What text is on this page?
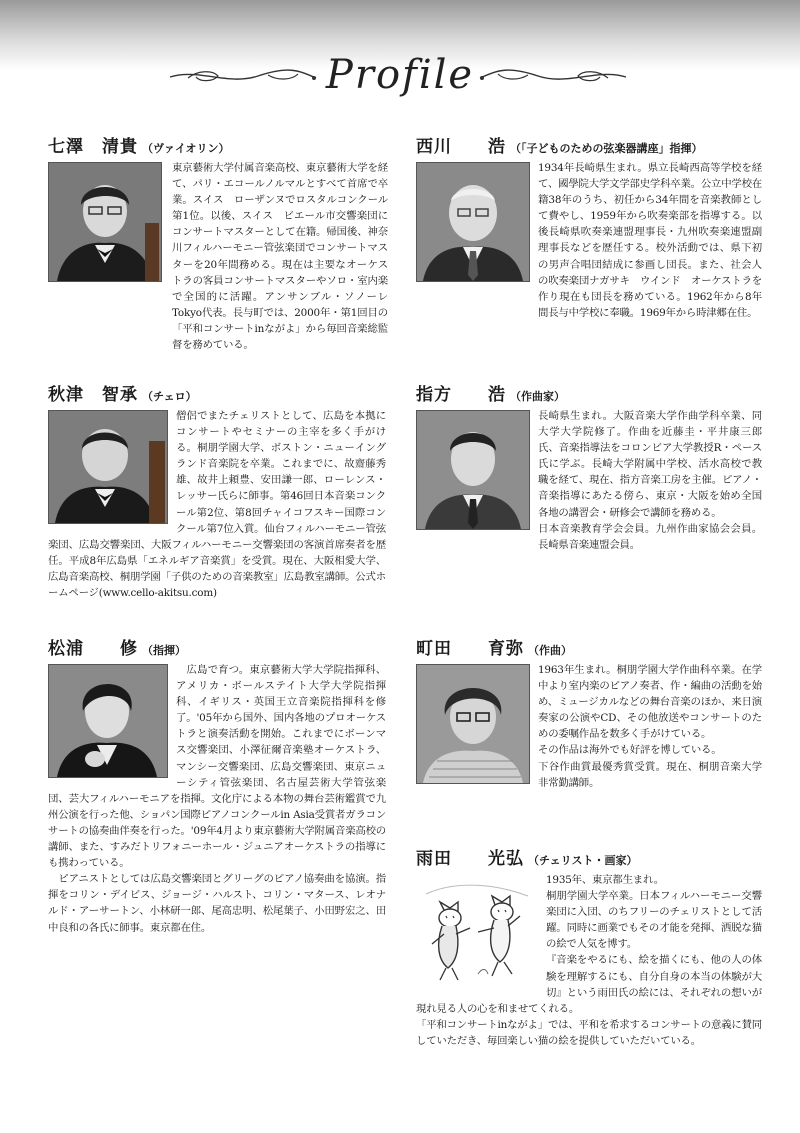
Profile
七澤　清貴 （ヴァイオリン）

東京藝術大学付属音楽高校、東京藝術大学を経て、パリ・エコールノルマルとすべて首席で卒業。スイス　ローザンヌでロスタルコンクール第1位。以後、スイス　ビエール市交響楽団にコンサートマスターとして在籍。帰国後、神奈川フィルハーモニー管弦楽団でコンサートマスターを20年間務める。現在は主要なオーケストラの客員コンサートマスターやソロ・室内楽で全国的に活躍。アンサンブル・ソノーレTokyo代表。長与町では、2000年・第1回目の「平和コンサートinながよ」から毎回音楽総監督を務めている。

西川　　浩 （「子どものための弦楽器講座」指揮）

1934年長崎県生まれ。県立長崎西高等学校を経て、國學院大学文学部史学科卒業。公立中学校在籍38年のうち、初任から34年間を音楽教師として費やし、1959年から吹奏楽部を指導する。以後長崎県吹奏楽連盟理事長・九州吹奏楽連盟副理事長などを歴任する。校外活動では、県下初の男声合唱団結成に参画し団長。また、社会人の吹奏楽団ナガサキ　ウインド　オーケストラを作り現在も団長を務めている。1962年から8年間長与中学校に奉職。1969年から時津郷在住。

秋津　智承 （チェロ）

僧侶でまたチェリストとして、広島を本拠にコンサートやセミナーの主宰を多く手がける。桐朋学園大学、ボストン・ニューイングランド音楽院を卒業。これまでに、故齋藤秀雄、故井上頼豊、安田謙一郎、ローレンス・レッサー氏らに師事。第46回日本音楽コンクール第2位、第8回チャイコフスキー国際コンクール第7位入賞。仙台フィルハーモニー管弦楽団、広島交響楽団、大阪フィルハーモニー交響楽団の客演首席奏者を歴任。平成8年広島県「エネルギア音楽賞」を受賞。現在、大阪相愛大学、広島音楽高校、桐朋学園「子供のための音楽教室」広島教室講師。公式ホームページ(www.cello-akitsu.com)

指方　　浩 （作曲家）

長崎県生まれ。大阪音楽大学作曲学科卒業、同大学大学院修了。作曲を近藤圭・平井康三郎氏、音楽指導法をコロンビア大学教授R・ペース氏に学ぶ。長崎大学附属中学校、活水高校で教職を経て、現在、指方音楽工房を主催。ピアノ・音楽指導にあたる傍ら、東京・大阪を始め全国各地の講習会・研修会で講師を務める。

日本音楽教育学会会員。九州作曲家協会会員。長崎県音楽連盟会員。

松浦　　修 （指揮）

　広島で育つ。東京藝術大学大学院指揮科、アメリカ・ボールステイト大学大学院指揮科、イギリス・英国王立音楽院指揮科を修了。'05年から国外、国内各地のプロオーケストラと演奏活動を開始。これまでにボーンマス交響楽団、小澤征爾音楽塾オーケストラ、マンシー交響楽団、広島交響楽団、東京ニューシティ管弦楽団、名古屋芸術大学管弦楽団、芸大フィルハーモニアを指揮。文化庁による本物の舞台芸術鑑賞で九州公演を行った他、ショパン国際ピアノコンクールin Asia受賞者ガラコンサートの協奏曲伴奏を行った。'09年4月より東京藝術大学附属音楽高校の講師、また、すみだトリフォニーホール・ジュニアオーケストラの指導にも携わっている。

　ピアニストとしては広島交響楽団とグリーグのピアノ協奏曲を協演。指揮をコリン・デイビス、ジョージ・ハルスト、コリン・マタース、レオナルド・アーサートン、小林研一郎、尾高忠明、松尾葉子、小田野宏之、田中良和の各氏に師事。東京都在住。

町田　　育弥 （作曲）

1963年生まれ。桐朋学園大学作曲科卒業。在学中より室内楽のピアノ奏者、作・編曲の活動を始め、ミュージカルなどの舞台音楽のほか、来日演奏家の公演やCD、その他放送やコンサートのための委嘱作品を数多く手がけている。

その作品は海外でも好評を博している。

下谷作曲賞最優秀賞受賞。現在、桐朋音楽大学非常勤講師。

雨田　　光弘 （チェリスト・画家）

1935年、東京都生まれ。

桐朋学園大学卒業。日本フィルハーモニー交響楽団に入団、のちフリーのチェリストとして活躍。同時に画業でもその才能を発揮、洒脱な猫の絵で人気を博す。

『音楽をやるにも、絵を描くにも、他の人の体験を理解するにも、自分自身の本当の体験が大切』という雨田氏の絵には、それぞれの想いが現れ見る人の心を和ませてくれる。

「平和コンサートinながよ」では、平和を希求するコンサートの意義に賛同していただき、毎回楽しい猫の絵を提供していただいている。
